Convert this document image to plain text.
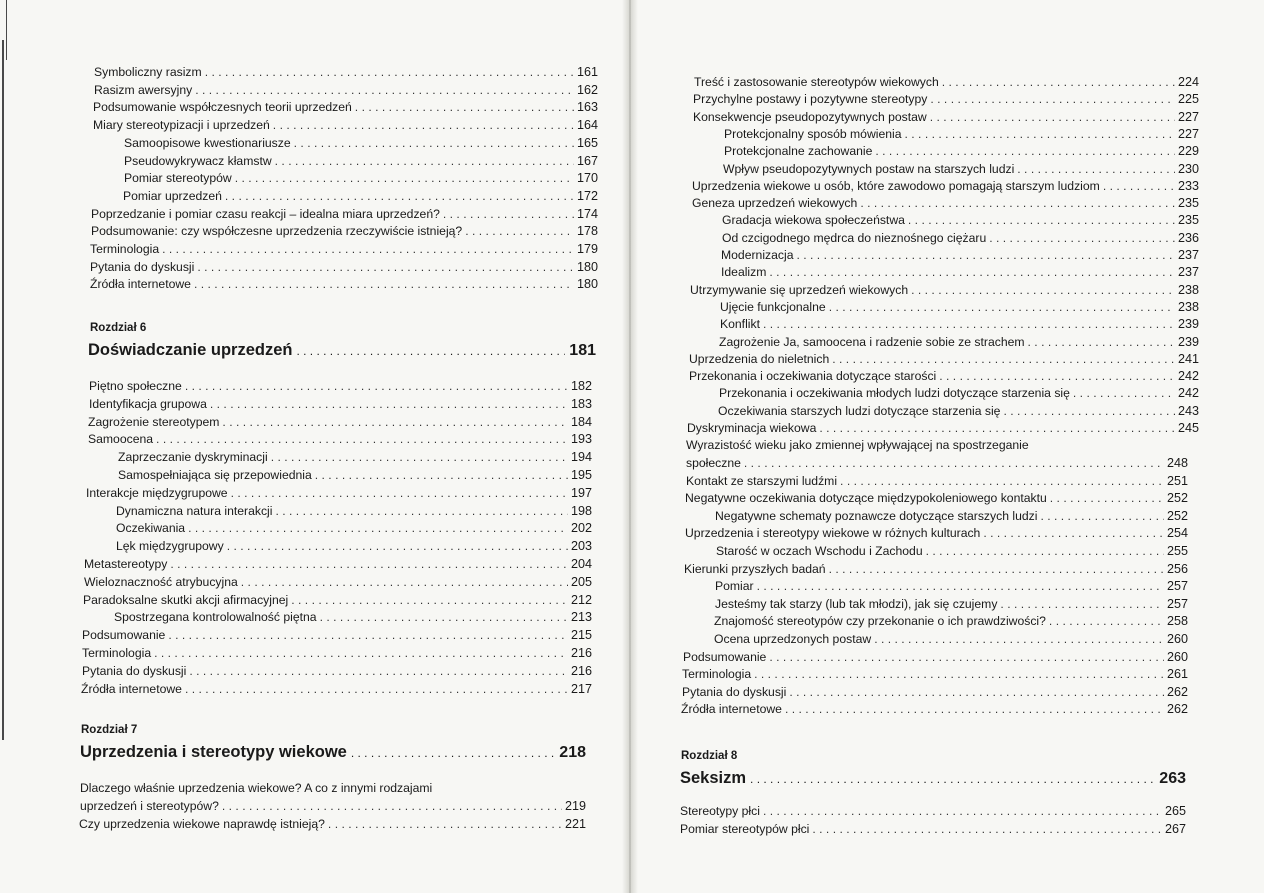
Symboliczny rasizm . . .	161
Rasizm awersyjny . . .	162
Podsumowanie współczesnych teorii uprzedzeń . . .	163
Miary stereotypizacji i uprzedzeń . . .	164
Samoopisowe kwestionariusze . . .	165
Pseudowykrywacz kłamstw . . .	167
Pomiar stereotypów . . .	170
Pomiar uprzedzeń . . .	172
Poprzedzanie i pomiar czasu reakcji – idealna miara uprzedzeń? . . .	174
Podsumowanie: czy współczesne uprzedzenia rzeczywiście istnieją? . . .	178
Terminologia . . .	179
Pytania do dyskusji . . .	180
Źródła internetowe . . .	180
Rozdział 6
Doświadczanie uprzedzeń . . .	181
Piętno społeczne . . .	182
Identyfikacja grupowa . . .	183
Zagrożenie stereotypem . . .	184
Samoocena . . .	193
Zaprzeczanie dyskryminacji . . .	194
Samospełniająca się przepowiednia . . .	195
Interakcje międzygrupowe . . .	197
Dynamiczna natura interakcji . . .	198
Oczekiwania . . .	202
Lęk międzygrupowy . . .	203
Metastereotypy . . .	204
Wieloznaczność atrybucyjna . . .	205
Paradoksalne skutki akcji afirmacyjnej . . .	212
Spostrzegana kontrolowalność piętna . . .	213
Podsumowanie . . .	215
Terminologia . . .	216
Pytania do dyskusji . . .	216
Źródła internetowe . . .	217
Rozdział 7
Uprzedzenia i stereotypy wiekowe . . .	218
Dlaczego właśnie uprzedzenia wiekowe? A co z innymi rodzajami
uprzedzeń i stereotypów? . . .	219
Czy uprzedzenia wiekowe naprawdę istnieją? . . .	221
Treść i zastosowanie stereotypów wiekowych . . .	224
Przychylne postawy i pozytywne stereotypy . . .	225
Konsekwencje pseudopozytywnych postaw . . .	227
Protekcjonalny sposób mówienia . . .	227
Protekcjonalne zachowanie . . .	229
Wpływ pseudopozytywnych postaw na starszych ludzi . . .	230
Uprzedzenia wiekowe u osób, które zawodowo pomagają starszym ludziom . . .	233
Geneza uprzedzeń wiekowych . . .	235
Gradacja wiekowa społeczeństwa . . .	235
Od czcigodnego mędrca do nieznośnego ciężaru . . .	236
Modernizacja . . .	237
Idealizm . . .	237
Utrzymywanie się uprzedzeń wiekowych . . .	238
Ujęcie funkcjonalne . . .	238
Konflikt . . .	239
Zagrożenie Ja, samoocena i radzenie sobie ze strachem . . .	239
Uprzedzenia do nieletnich . . .	241
Przekonania i oczekiwania dotyczące starości . . .	242
Przekonania i oczekiwania młodych ludzi dotyczące starzenia się . . .	242
Oczekiwania starszych ludzi dotyczące starzenia się . . .	243
Dyskryminacja wiekowa . . .	245
Wyrazistość wieku jako zmiennej wpływającej na spostrzeganie
społeczne . . .	248
Kontakt ze starszymi ludźmi . . .	251
Negatywne oczekiwania dotyczące międzypokoleniowego kontaktu . . .	252
Negatywne schematy poznawcze dotyczące starszych ludzi . . .	252
Uprzedzenia i stereotypy wiekowe w różnych kulturach . . .	254
Starość w oczach Wschodu i Zachodu . . .	255
Kierunki przyszłych badań . . .	256
Pomiar . . .	257
Jesteśmy tak starzy (lub tak młodzi), jak się czujemy . . .	257
Znajomość stereotypów czy przekonanie o ich prawdziwości? . . .	258
Ocena uprzedzonych postaw . . .	260
Podsumowanie . . .	260
Terminologia . . .	261
Pytania do dyskusji . . .	262
Źródła internetowe . . .	262
Rozdział 8
Seksizm . . .	263
Stereotypy płci . . .	265
Pomiar stereotypów płci . . .	267
